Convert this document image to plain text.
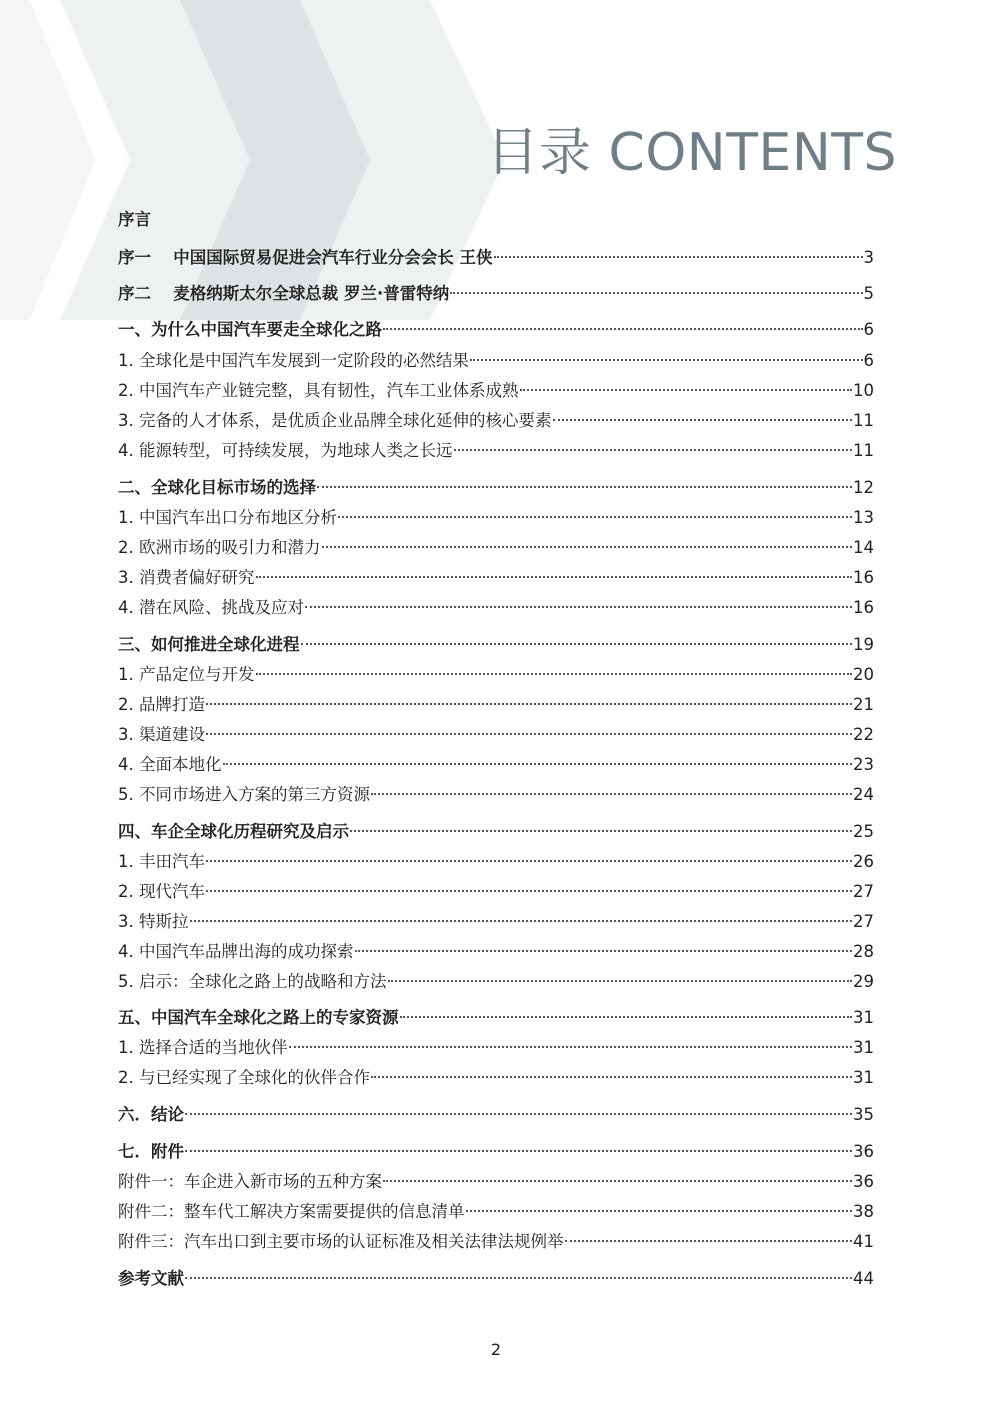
目录 CONTENTS
序言
序一　 中国国际贸易促进会汽车行业分会会长 王侠	3
序二　 麦格纳斯太尔全球总裁 罗兰·普雷特纳	5
一、为什么中国汽车要走全球化之路	6
1. 全球化是中国汽车发展到一定阶段的必然结果	6
2. 中国汽车产业链完整，具有韧性，汽车工业体系成熟	10
3. 完备的人才体系，是优质企业品牌全球化延伸的核心要素	11
4. 能源转型，可持续发展，为地球人类之长远	11
二、全球化目标市场的选择	12
1. 中国汽车出口分布地区分析	13
2. 欧洲市场的吸引力和潜力	14
3. 消费者偏好研究	16
4. 潜在风险、挑战及应对	16
三、如何推进全球化进程	19
1. 产品定位与开发	20
2. 品牌打造	21
3. 渠道建设	22
4. 全面本地化	23
5. 不同市场进入方案的第三方资源	24
四、车企全球化历程研究及启示	25
1. 丰田汽车	26
2. 现代汽车	27
3. 特斯拉	27
4. 中国汽车品牌出海的成功探索	28
5. 启示：全球化之路上的战略和方法	29
五、中国汽车全球化之路上的专家资源	31
1. 选择合适的当地伙伴	31
2. 与已经实现了全球化的伙伴合作	31
六．结论	35
七．附件	36
附件一：车企进入新市场的五种方案	36
附件二：整车代工解决方案需要提供的信息清单	38
附件三：汽车出口到主要市场的认证标准及相关法律法规例举	41
参考文献	44
2
